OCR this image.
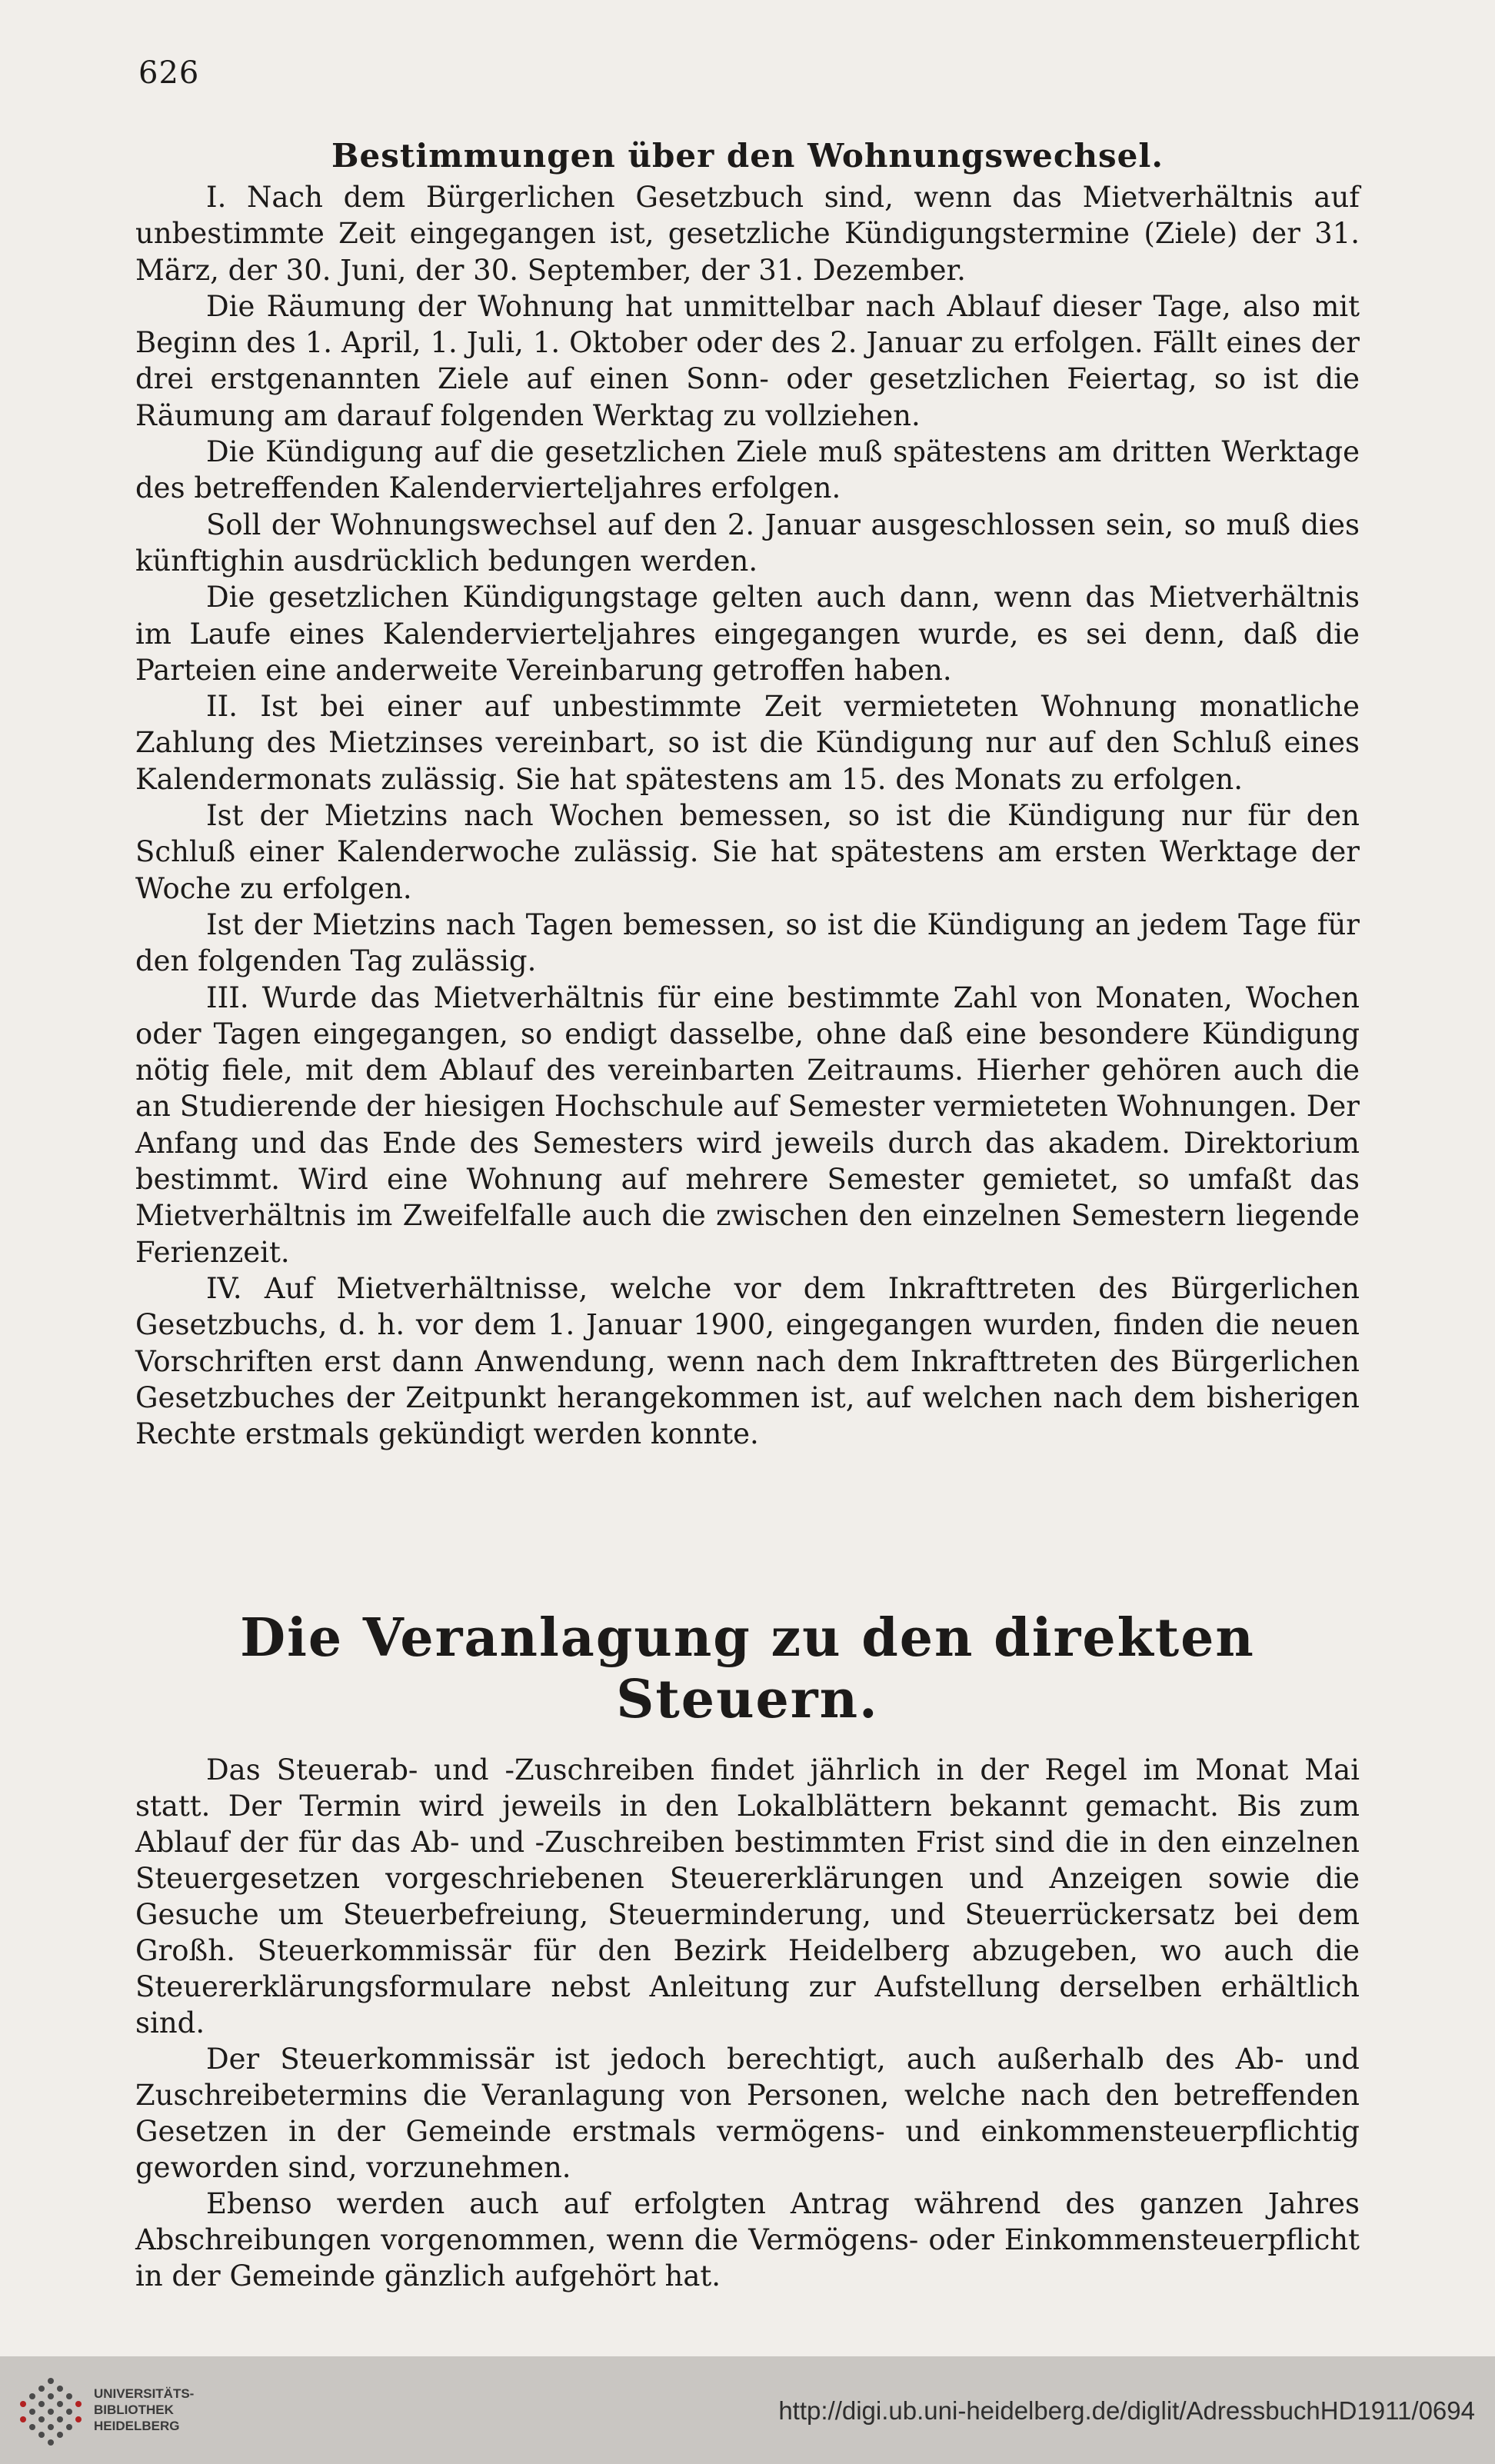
626
Bestimmungen über den Wohnungswechsel.

I. Nach dem Bürgerlichen Gesetzbuch sind, wenn das Mietverhältnis auf unbestimmte Zeit eingegangen ist, gesetzliche Kündigungstermine (Ziele) der 31. März, der 30. Juni, der 30. September, der 31. Dezember.

Die Räumung der Wohnung hat unmittelbar nach Ablauf dieser Tage, also mit Beginn des 1. April, 1. Juli, 1. Oktober oder des 2. Januar zu erfolgen. Fällt eines der drei erstgenannten Ziele auf einen Sonn- oder gesetzlichen Feiertag, so ist die Räumung am darauf folgenden Werktag zu vollziehen.

Die Kündigung auf die gesetzlichen Ziele muß spätestens am dritten Werktage des betreffenden Kalendervierteljahres erfolgen.

Soll der Wohnungswechsel auf den 2. Januar ausgeschlossen sein, so muß dies künftighin ausdrücklich bedungen werden.

Die gesetzlichen Kündigungstage gelten auch dann, wenn das Mietverhältnis im Laufe eines Kalendervierteljahres eingegangen wurde, es sei denn, daß die Parteien eine anderweite Vereinbarung getroffen haben.

II. Ist bei einer auf unbestimmte Zeit vermieteten Wohnung monatliche Zahlung des Mietzinses vereinbart, so ist die Kündigung nur auf den Schluß eines Kalendermonats zulässig. Sie hat spätestens am 15. des Monats zu erfolgen.

Ist der Mietzins nach Wochen bemessen, so ist die Kündigung nur für den Schluß einer Kalenderwoche zulässig. Sie hat spätestens am ersten Werktage der Woche zu erfolgen.

Ist der Mietzins nach Tagen bemessen, so ist die Kündigung an jedem Tage für den folgenden Tag zulässig.

III. Wurde das Mietverhältnis für eine bestimmte Zahl von Monaten, Wochen oder Tagen eingegangen, so endigt dasselbe, ohne daß eine besondere Kündigung nötig fiele, mit dem Ablauf des vereinbarten Zeitraums. Hierher gehören auch die an Studierende der hiesigen Hochschule auf Semester vermieteten Wohnungen. Der Anfang und das Ende des Semesters wird jeweils durch das akadem. Direktorium bestimmt. Wird eine Wohnung auf mehrere Semester gemietet, so umfaßt das Mietverhältnis im Zweifelfalle auch die zwischen den einzelnen Semestern liegende Ferienzeit.

IV. Auf Mietverhältnisse, welche vor dem Inkrafttreten des Bürgerlichen Gesetzbuchs, d. h. vor dem 1. Januar 1900, eingegangen wurden, finden die neuen Vorschriften erst dann Anwendung, wenn nach dem Inkrafttreten des Bürgerlichen Gesetzbuches der Zeitpunkt herangekommen ist, auf welchen nach dem bisherigen Rechte erstmals gekündigt werden konnte.

Die Veranlagung zu den direkten Steuern.

Das Steuerab- und -Zuschreiben findet jährlich in der Regel im Monat Mai statt. Der Termin wird jeweils in den Lokalblättern bekannt gemacht. Bis zum Ablauf der für das Ab- und -Zuschreiben bestimmten Frist sind die in den einzelnen Steuergesetzen vorgeschriebenen Steuererklärungen und Anzeigen sowie die Gesuche um Steuerbefreiung, Steuerminderung, und Steuerrückersatz bei dem Großh. Steuerkommissär für den Bezirk Heidelberg abzugeben, wo auch die Steuererklärungsformulare nebst Anleitung zur Aufstellung derselben erhältlich sind.

Der Steuerkommissär ist jedoch berechtigt, auch außerhalb des Ab- und Zuschreibetermins die Veranlagung von Personen, welche nach den betreffenden Gesetzen in der Gemeinde erstmals vermögens- und einkommensteuerpflichtig geworden sind, vorzunehmen.

Ebenso werden auch auf erfolgten Antrag während des ganzen Jahres Abschreibungen vorgenommen, wenn die Vermögens- oder Einkommensteuerpflicht in der Gemeinde gänzlich aufgehört hat.

UNIVERSITÄTS-
BIBLIOTHEK
HEIDELBERG
http://digi.ub.uni-heidelberg.de/diglit/AdressbuchHD1911/0694
